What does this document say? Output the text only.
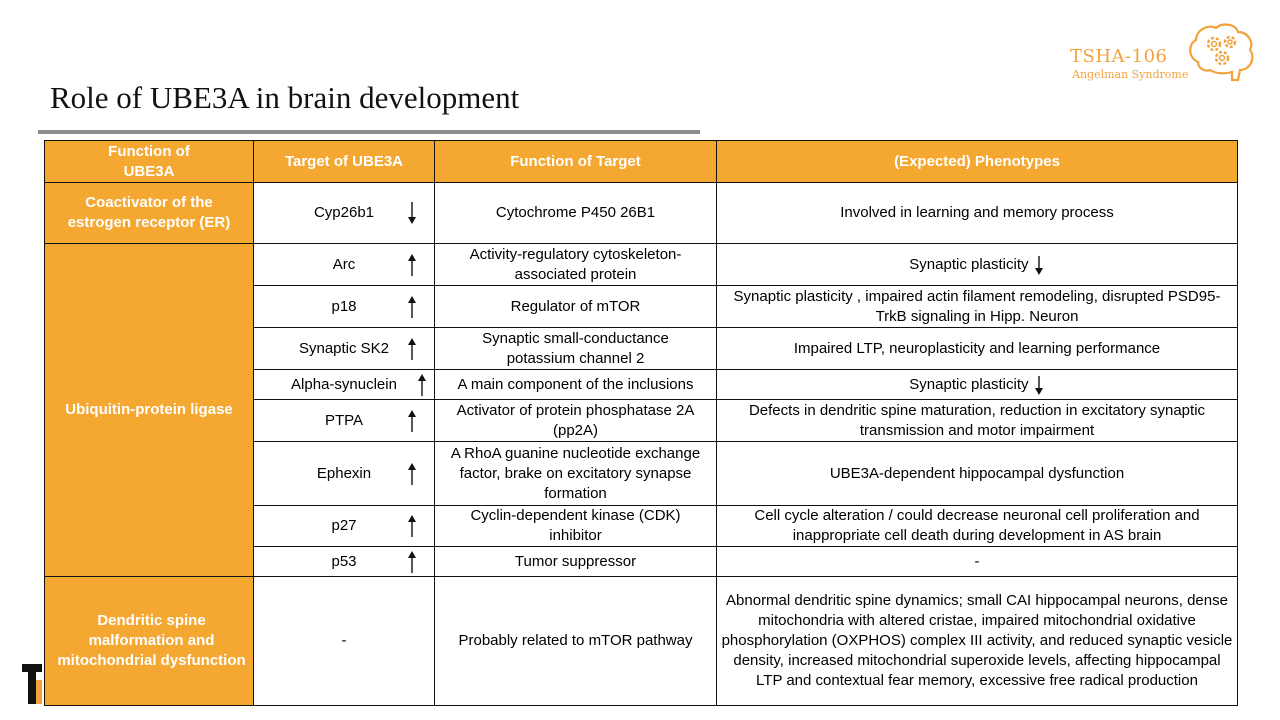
TSHA-106
Angelman Syndrome
Role of UBE3A in brain development
Function of UBE3A	Target of UBE3A	Function of Target	(Expected) Phenotypes
Coactivator of the estrogen receptor (ER)	Cyp26b1	Cytochrome P450 26B1	Involved in learning and memory process
Ubiquitin-protein ligase	Arc	Activity-regulatory cytoskeleton-associated protein	Synaptic plasticity

	p18	Regulator of mTOR	Synaptic plasticity , impaired actin filament remodeling, disrupted PSD95-TrkB signaling in Hipp. Neuron

	Synaptic SK2	Synaptic small-conductance potassium channel 2	Impaired LTP, neuroplasticity and learning performance

	Alpha-synuclein	A main component of the inclusions	Synaptic plasticity

	PTPA	Activator of protein phosphatase 2A (pp2A)	Defects in dendritic spine maturation, reduction in excitatory synaptic transmission and motor impairment

	Ephexin	A RhoA guanine nucleotide exchange factor, brake on excitatory synapse formation	UBE3A-dependent hippocampal dysfunction

	p27	Cyclin-dependent kinase (CDK) inhibitor	Cell cycle alteration / could decrease neuronal cell proliferation and inappropriate cell death during development in AS brain

	p53	Tumor suppressor	-
Dendritic spine malformation and mitochondrial dysfunction	-	Probably related to mTOR pathway	Abnormal dendritic spine dynamics; small CAI hippocampal neurons, dense mitochondria with altered cristae, impaired mitochondrial oxidative phosphorylation (OXPHOS) complex III activity, and reduced synaptic vesicle density, increased mitochondrial superoxide levels, affecting hippocampal LTP and contextual fear memory, excessive free radical production
